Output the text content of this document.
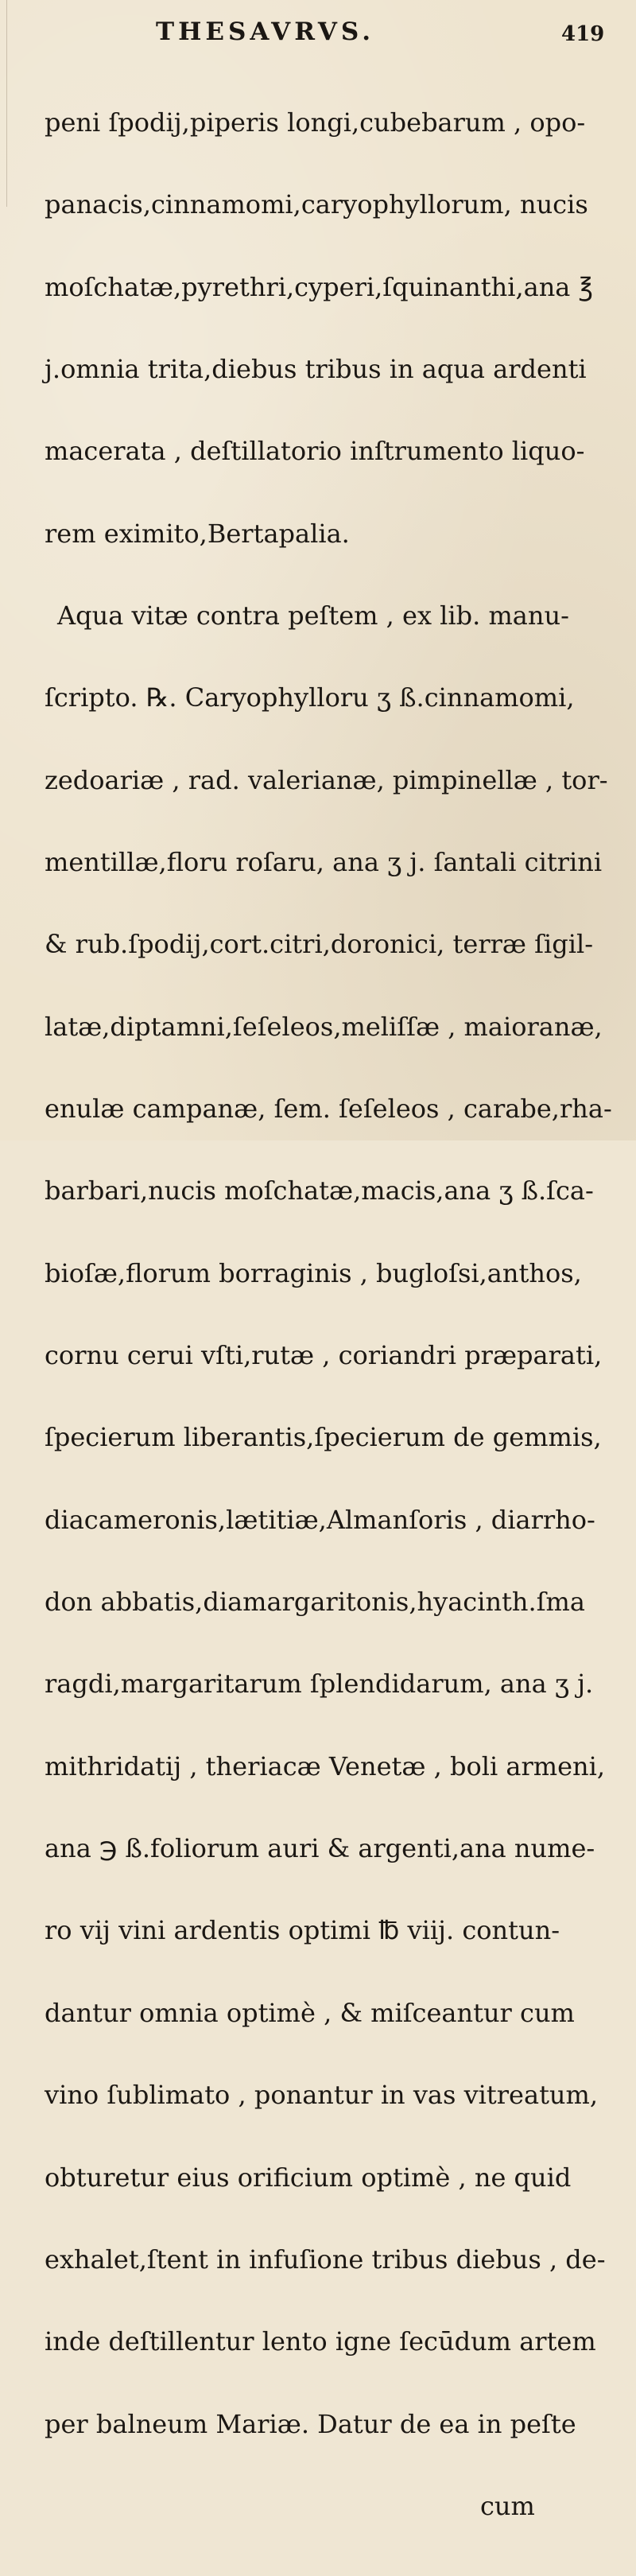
THESAVRVS.	419

peni ſpodij,piperis longi,cubebarum , opo-

panacis,cinnamomi,caryophyllorum, nucis

moſchatæ,pyrethri,cyperi,ſquinanthi,ana ℥

j.omnia trita,diebus tribus in aqua ardenti

macerata , deſtillatorio inſtrumento liquo-

rem eximito,Bertapalia.

Aqua vitæ contra peſtem , ex lib. manu-

ſcripto. ℞. Caryophylloru ʒ ß.cinnamomi,

zedoariæ , rad. valerianæ, pimpinellæ , tor-

mentillæ,floru roſaru, ana ʒ j. ſantali citrini

& rub.ſpodij,cort.citri,doronici, terræ ſigil-

latæ,diptamni,ſeſeleos,meliſſæ , maioranæ,

enulæ campanæ, ſem. ſeſeleos , carabe,rha-

barbari,nucis moſchatæ,macis,ana ʒ ß.ſca-

bioſæ,florum borraginis , bugloſsi,anthos,

cornu cerui vſti,rutæ , coriandri præparati,

ſpecierum liberantis,ſpecierum de gemmis,

diacameronis,lætitiæ,Almanſoris , diarrho-

don abbatis,diamargaritonis,hyacinth.ſma

ragdi,margaritarum ſplendidarum, ana ʒ j.

mithridatij , theriacæ Venetæ , boli armeni,

ana ℈ ß.foliorum auri & argenti,ana nume-

ro vij vini ardentis optimi ℔ viij. contun-

dantur omnia optimè , & miſceantur cum

vino ſublimato , ponantur in vas vitreatum,

obturetur eius orificium optimè , ne quid

exhalet,ſtent in infuſione tribus diebus , de-

inde deſtillentur lento igne ſecūdum artem

per balneum Mariæ. Datur de ea in peſte

cum
